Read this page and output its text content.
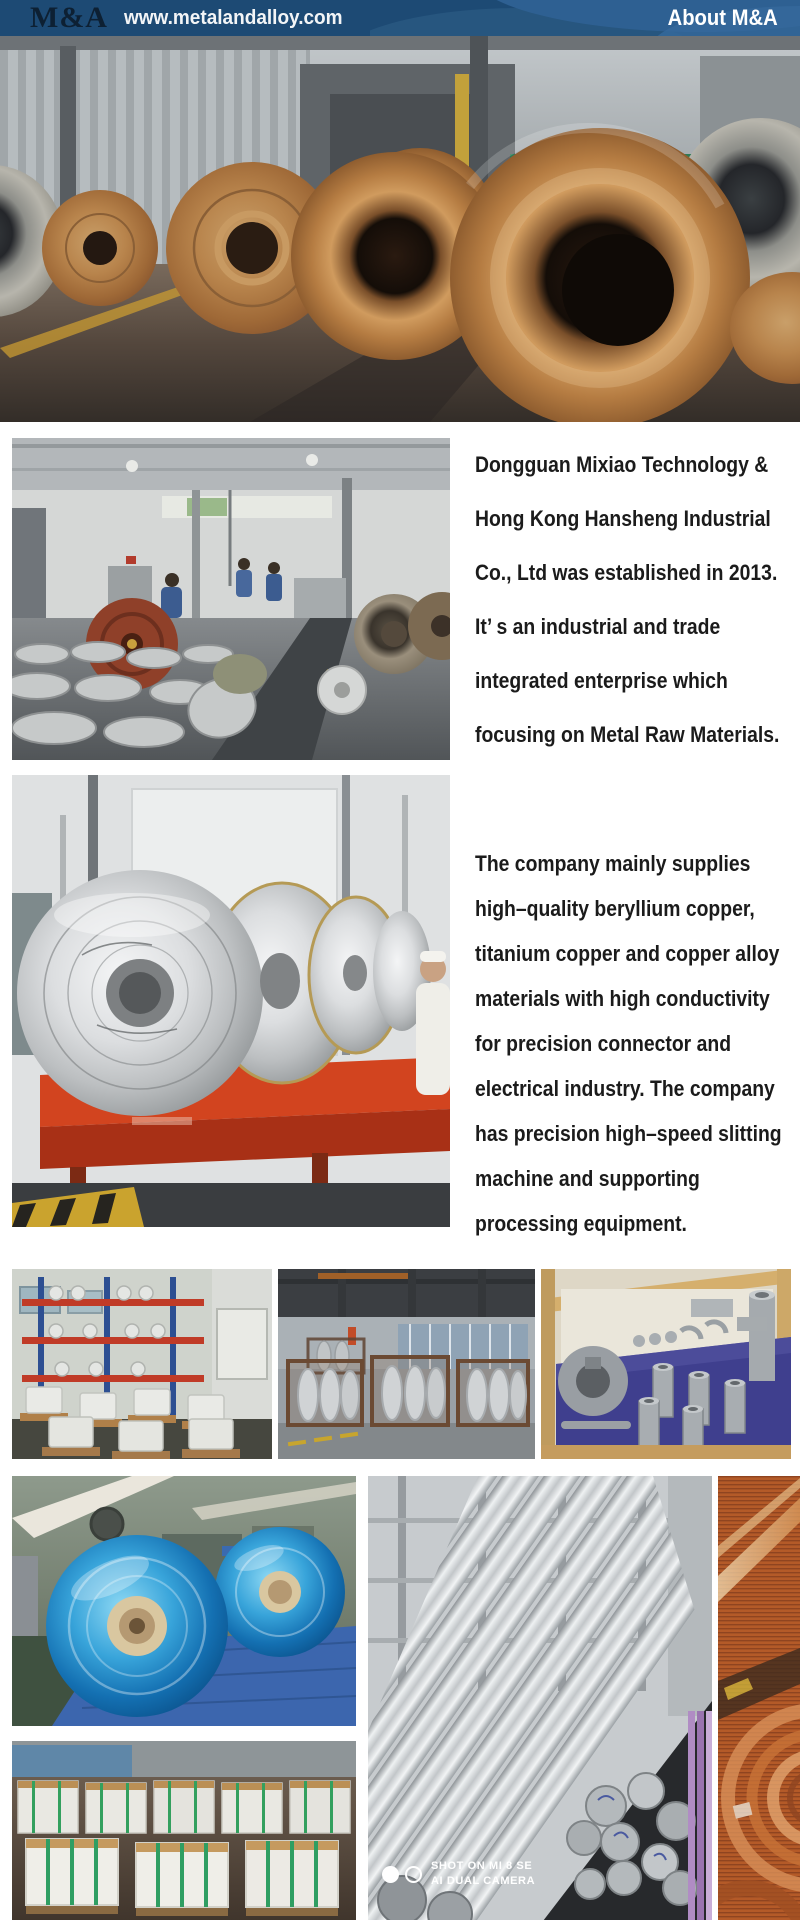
M&A www.metalandalloy.com	About M&A
Dongguan Mixiao Technology &
Hong Kong Hansheng Industrial
Co., Ltd was established in 2013.
It’ s an industrial and trade
integrated enterprise which
focusing on Metal Raw Materials.
The company mainly supplies
high–quality beryllium copper,
titanium copper and copper alloy
materials with high conductivity
for precision connector and
electrical industry. The company
has precision high–speed slitting
machine and supporting
processing equipment.
SHOT ON MI 8 SE
AI DUAL CAMERA
